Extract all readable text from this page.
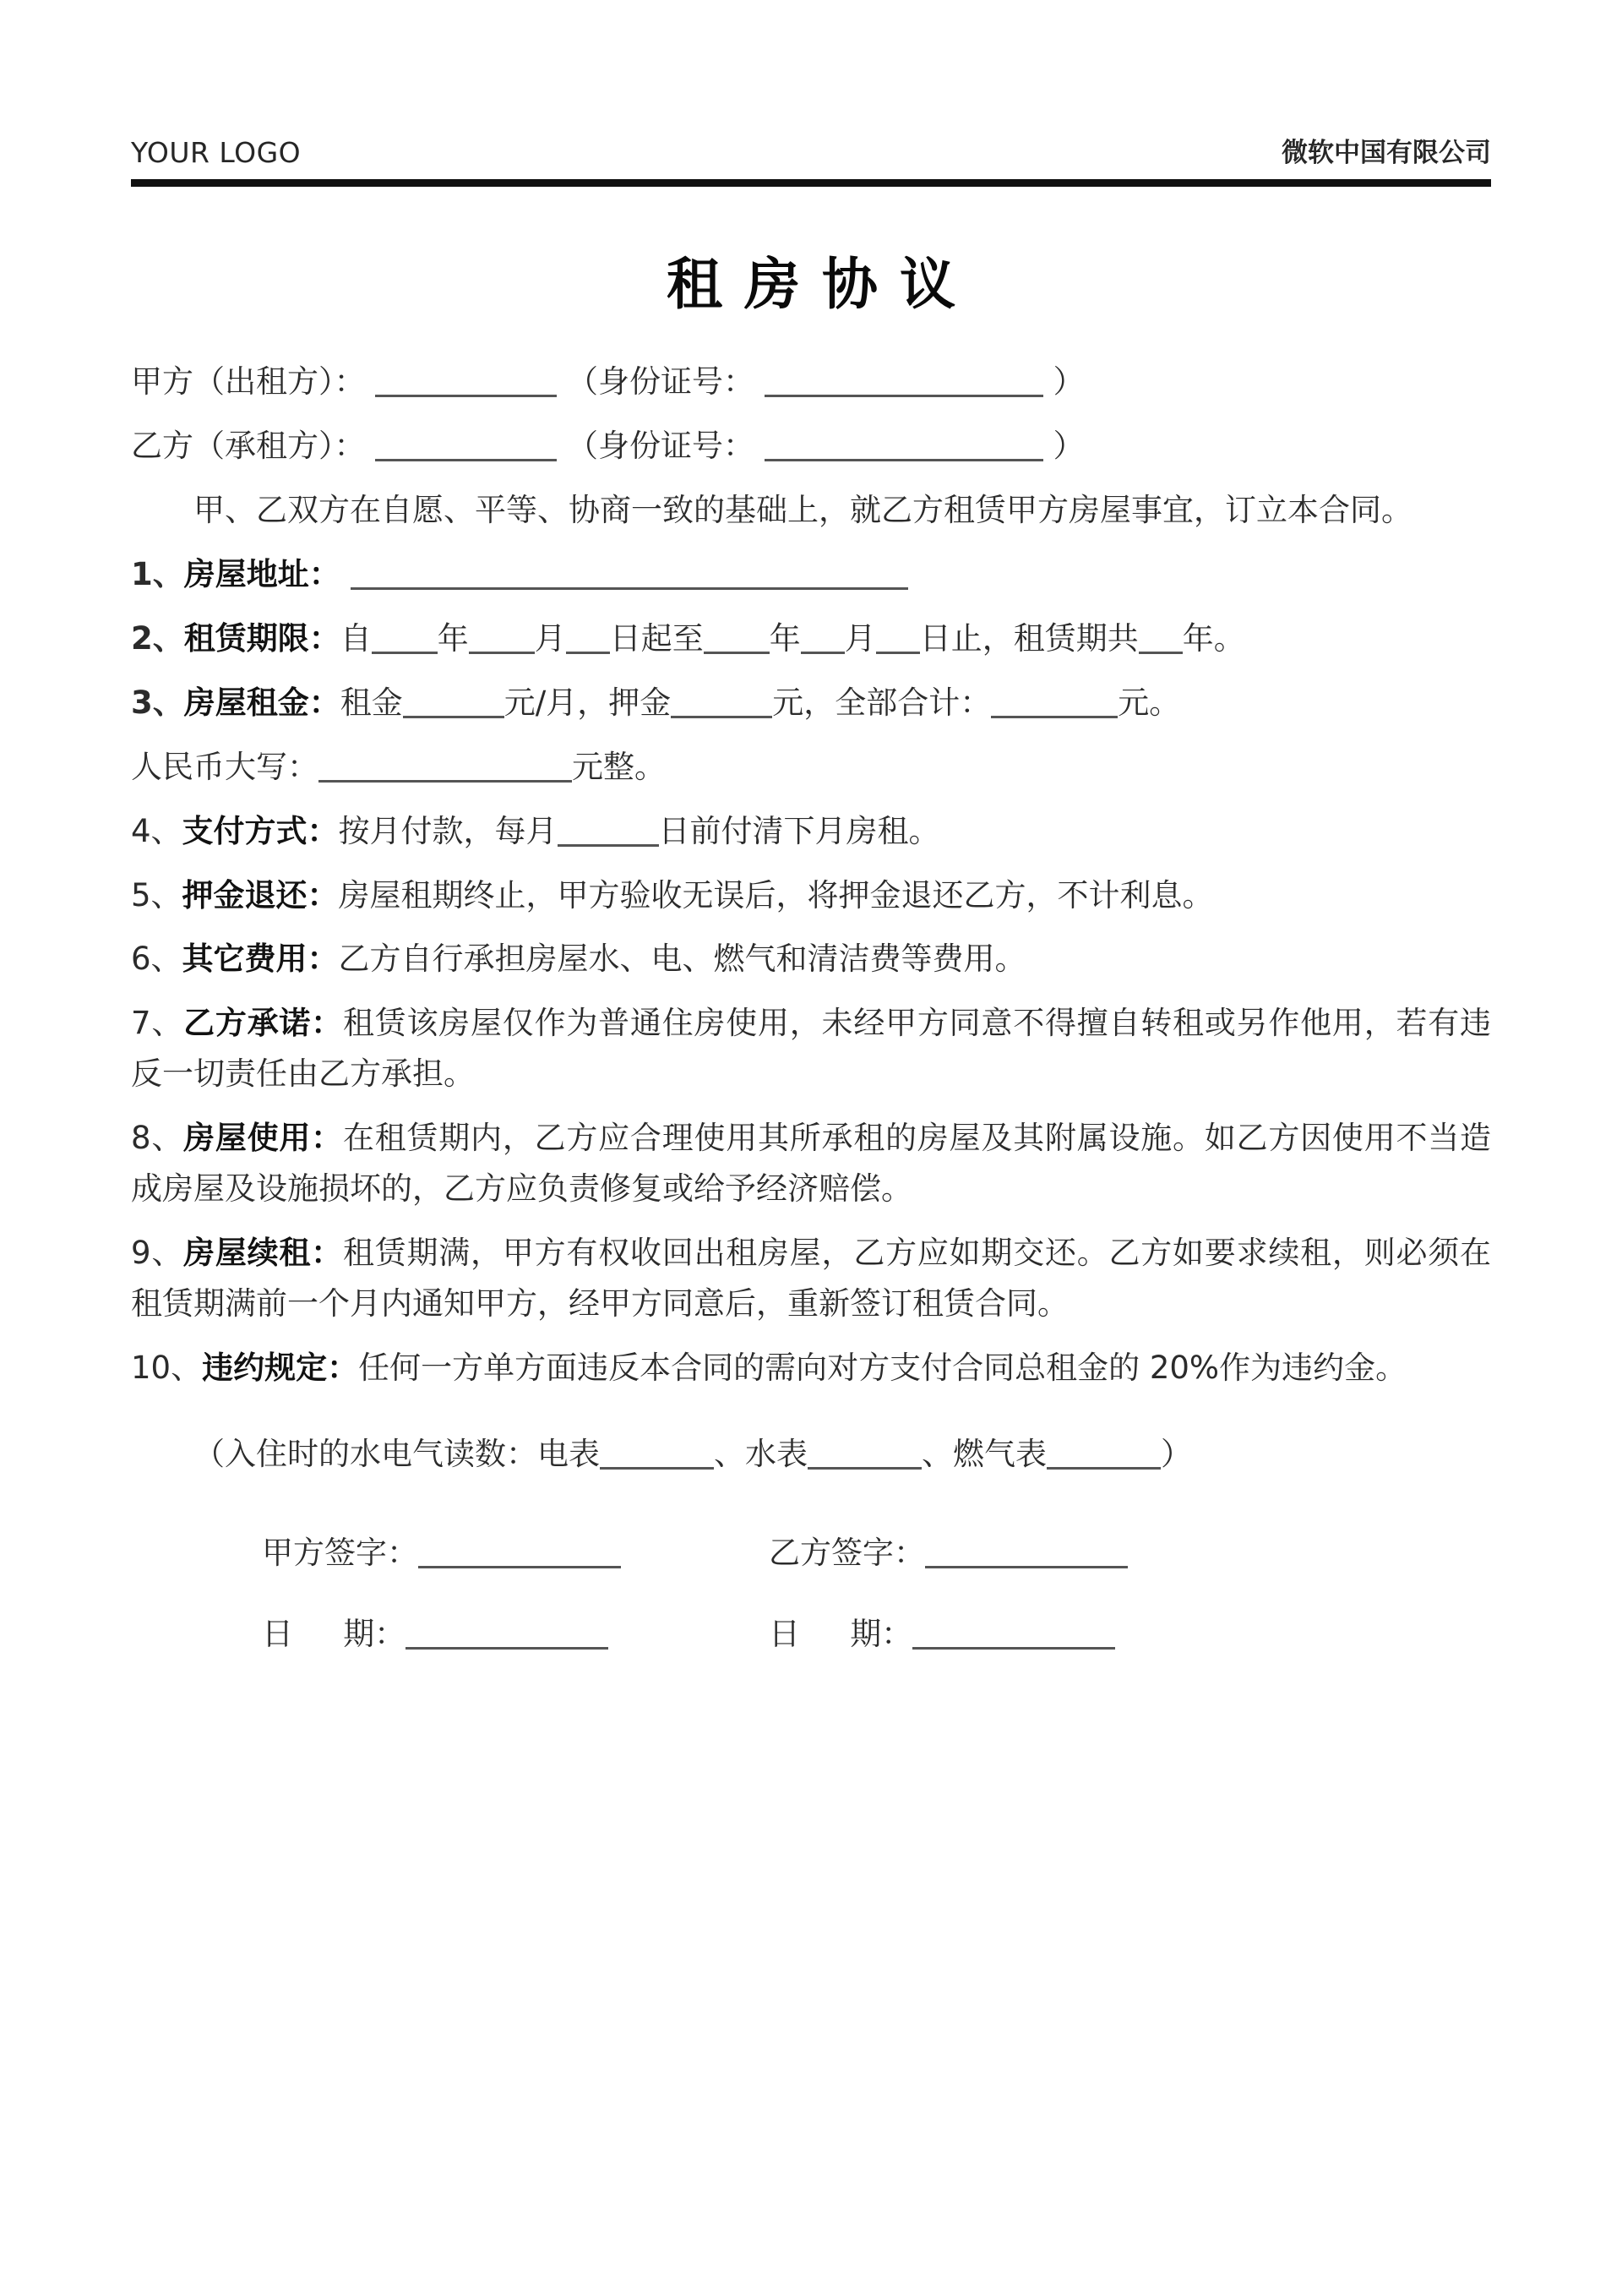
YOUR LOGO	微软中国有限公司
租房协议

甲方（出租方）：	（身份证号：	）

乙方（承租方）：	（身份证号：	）

甲、乙双方在自愿、平等、协商一致的基础上，就乙方租赁甲方房屋事宜，订立本合同。

1、房屋地址：

2、租赁期限：自 年 月 日起至 年 月 日止，租赁期共 年。

3、房屋租金：租金	元/月，押金	元，全部合计：	元。

人民币大写：	元整。

4、支付方式：按月付款，每月	日前付清下月房租。

5、押金退还：房屋租期终止，甲方验收无误后，将押金退还乙方，不计利息。

6、其它费用：乙方自行承担房屋水、电、燃气和清洁费等费用。

7、乙方承诺：租赁该房屋仅作为普通住房使用，未经甲方同意不得擅自转租或另作他用，若有违反一切责任由乙方承担。

8、房屋使用：在租赁期内，乙方应合理使用其所承租的房屋及其附属设施。如乙方因使用不当造成房屋及设施损坏的，乙方应负责修复或给予经济赔偿。

9、房屋续租：租赁期满，甲方有权收回出租房屋，乙方应如期交还。乙方如要求续租，则必须在租赁期满前一个月内通知甲方，经甲方同意后，重新签订租赁合同。

10、违约规定：任何一方单方面违反本合同的需向对方支付合同总租金的 20%作为违约金。

（入住时的水电气读数：电表	、水表	、燃气表	）

甲方签字：	乙方签字：
日 期：	日 期：
